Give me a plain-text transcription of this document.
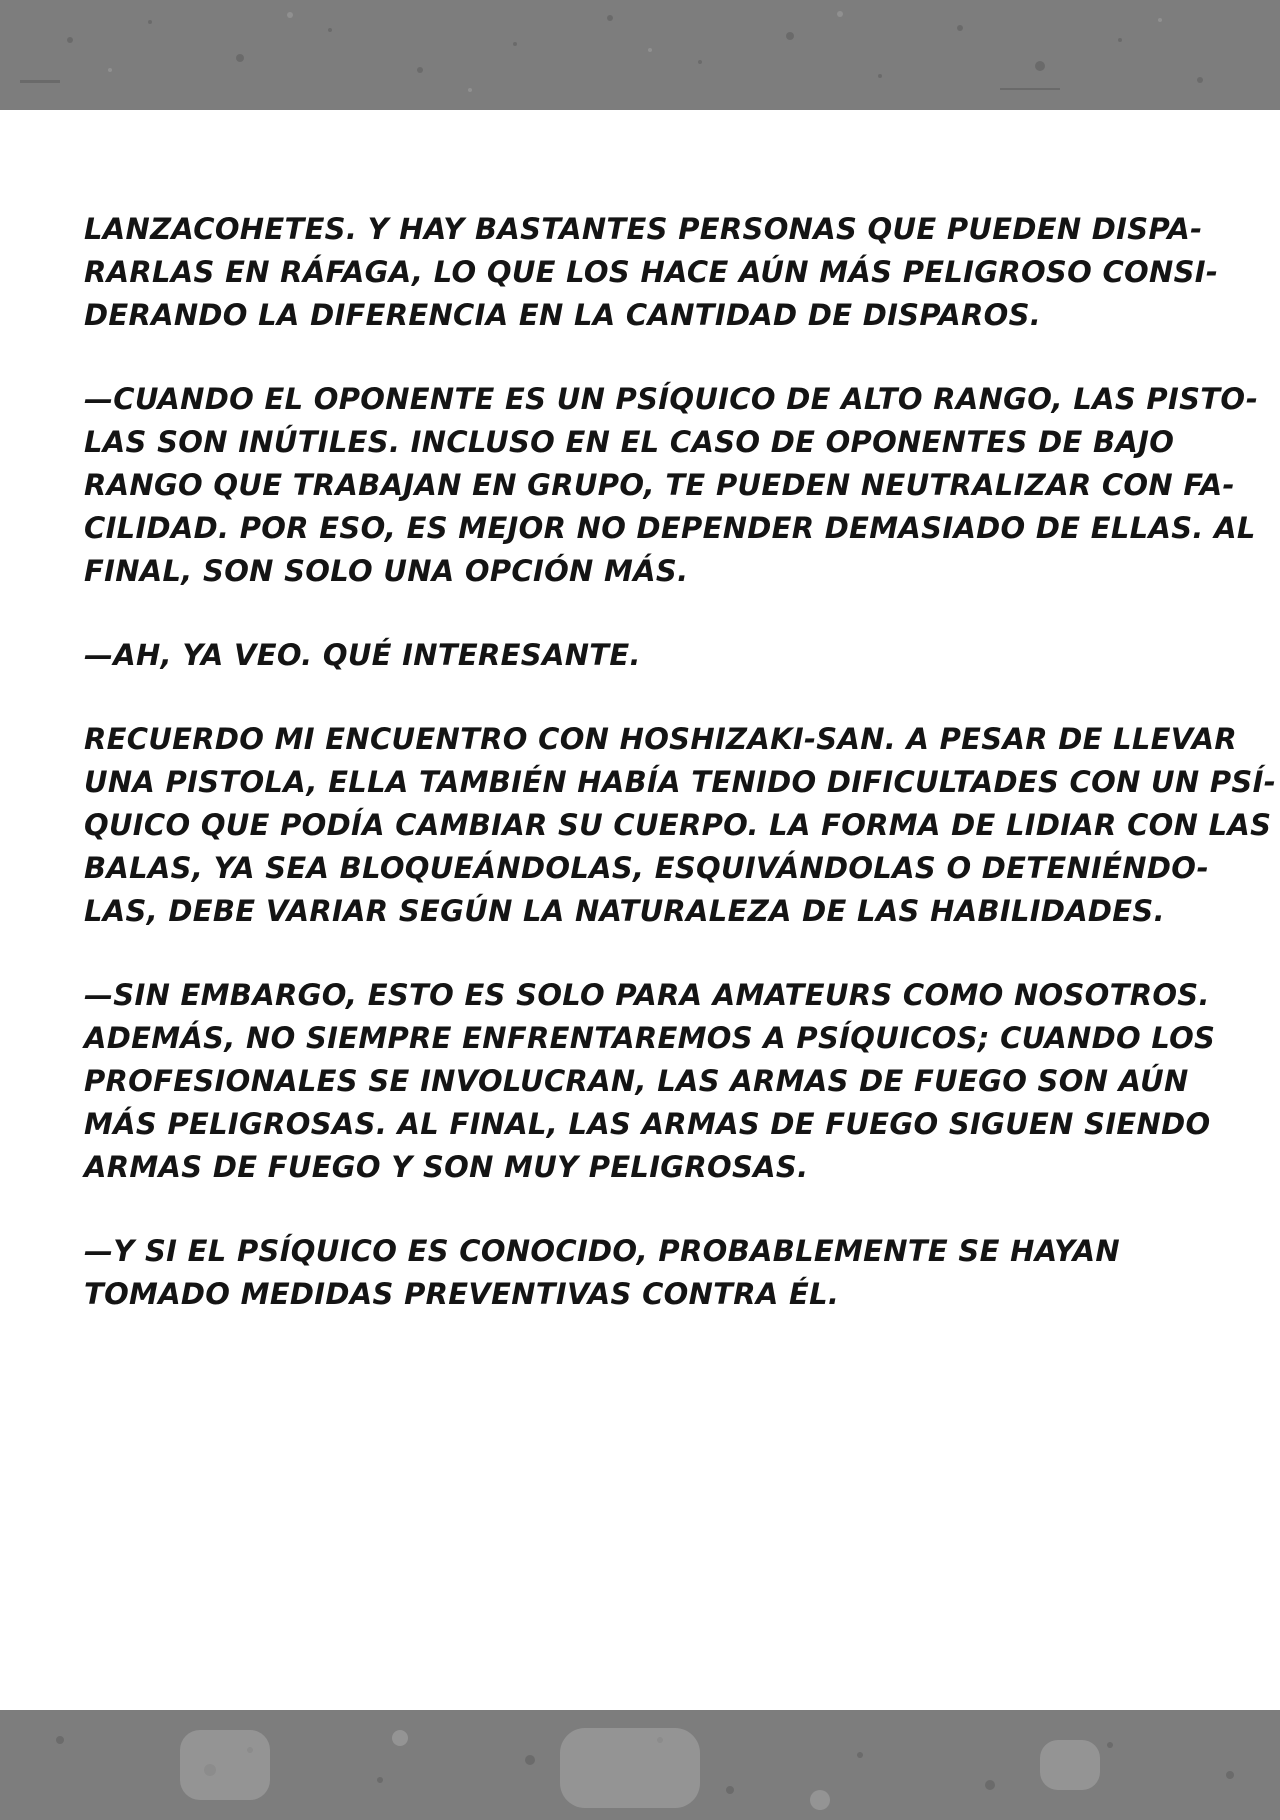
LANZACOHETES. Y HAY BASTANTES PERSONAS QUE PUEDEN DISPA-
RARLAS EN RÁFAGA, LO QUE LOS HACE AÚN MÁS PELIGROSO CONSI-
DERANDO LA DIFERENCIA EN LA CANTIDAD DE DISPAROS.
—CUANDO EL OPONENTE ES UN PSÍQUICO DE ALTO RANGO, LAS PISTO-
LAS SON INÚTILES. INCLUSO EN EL CASO DE OPONENTES DE BAJO
RANGO QUE TRABAJAN EN GRUPO, TE PUEDEN NEUTRALIZAR CON FA-
CILIDAD. POR ESO, ES MEJOR NO DEPENDER DEMASIADO DE ELLAS. AL
FINAL, SON SOLO UNA OPCIÓN MÁS.
—AH, YA VEO. QUÉ INTERESANTE.
RECUERDO MI ENCUENTRO CON HOSHIZAKI-SAN. A PESAR DE LLEVAR
UNA PISTOLA, ELLA TAMBIÉN HABÍA TENIDO DIFICULTADES CON UN PSÍ-
QUICO QUE PODÍA CAMBIAR SU CUERPO. LA FORMA DE LIDIAR CON LAS
BALAS, YA SEA BLOQUEÁNDOLAS, ESQUIVÁNDOLAS O DETENIÉNDO-
LAS, DEBE VARIAR SEGÚN LA NATURALEZA DE LAS HABILIDADES.
—SIN EMBARGO, ESTO ES SOLO PARA AMATEURS COMO NOSOTROS.
ADEMÁS, NO SIEMPRE ENFRENTAREMOS A PSÍQUICOS; CUANDO LOS
PROFESIONALES SE INVOLUCRAN, LAS ARMAS DE FUEGO SON AÚN
MÁS PELIGROSAS. AL FINAL, LAS ARMAS DE FUEGO SIGUEN SIENDO
ARMAS DE FUEGO Y SON MUY PELIGROSAS.
—Y SI EL PSÍQUICO ES CONOCIDO, PROBABLEMENTE SE HAYAN
TOMADO MEDIDAS PREVENTIVAS CONTRA ÉL.
